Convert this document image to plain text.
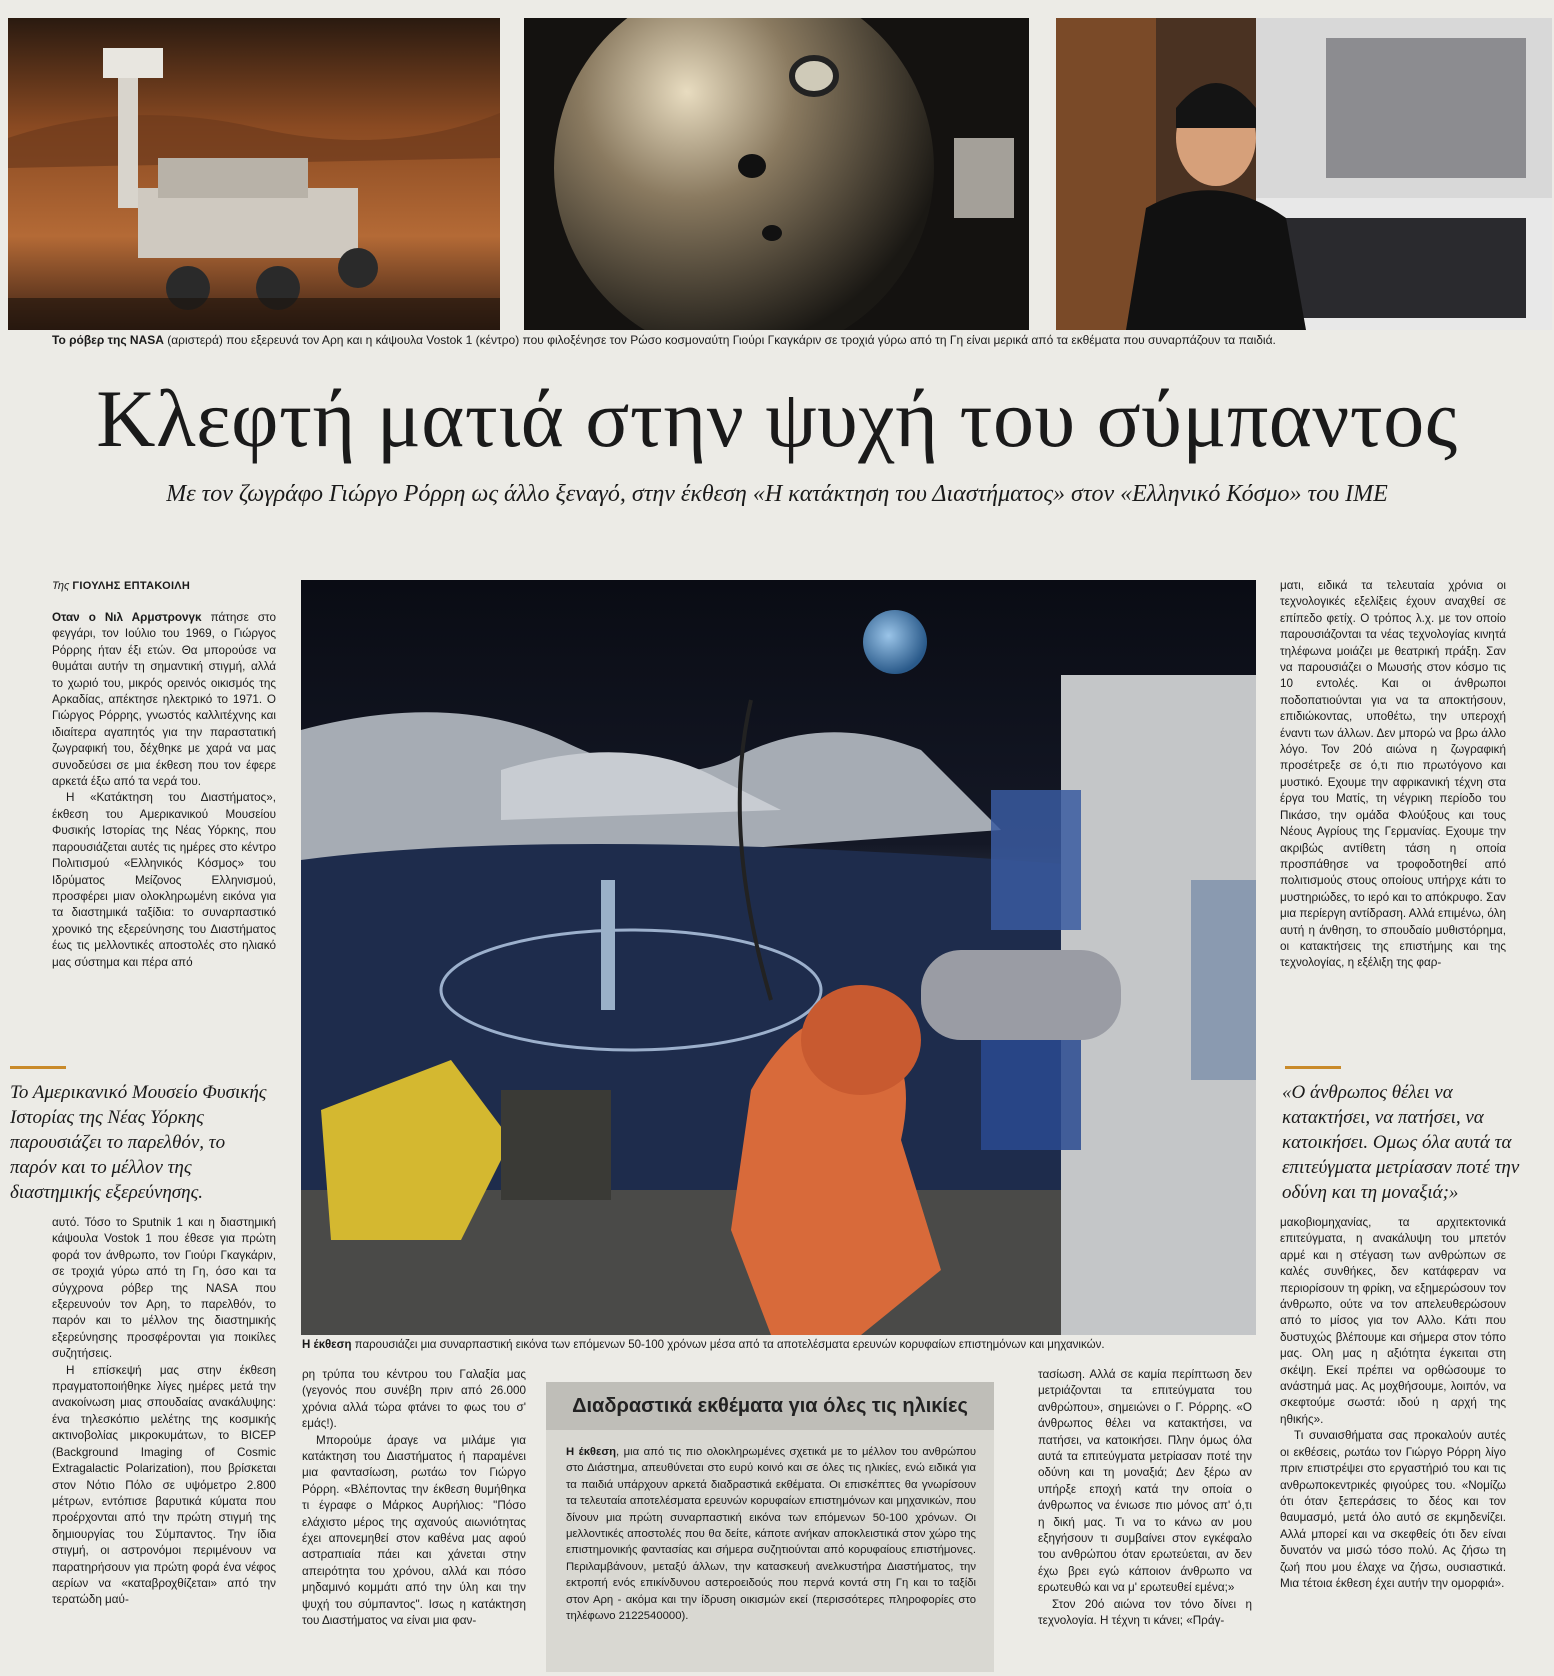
Το ρόβερ της NASA (αριστερά) που εξερευνά τον Αρη και η κάψουλα Vostok 1 (κέντρο) που φιλοξένησε τον Ρώσο κοσμοναύτη Γιούρι Γκαγκάριν σε τροχιά γύρω από τη Γη είναι μερικά από τα εκθέματα που συναρπάζουν τα παιδιά.
Κλεφτή ματιά στην ψυχή του σύμπαντος
Με τον ζωγράφο Γιώργο Ρόρρη ως άλλο ξεναγό, στην έκθεση «Η κατάκτηση του Διαστήματος» στον «Ελληνικό Κόσμο» του ΙΜΕ
Της ΓΙΟΥΛΗΣ ΕΠΤΑΚΟΙΛΗ

Οταν ο Νιλ Αρμστρονγκ πάτησε στο φεγγάρι, τον Ιούλιο του 1969, ο Γιώργος Ρόρρης ήταν έξι ετών. Θα μπορούσε να θυμάται αυτήν τη σημαντική στιγμή, αλλά το χωριό του, μικρός ορεινός οικισμός της Αρκαδίας, απέκτησε ηλεκτρικό το 1971. Ο Γιώργος Ρόρρης, γνωστός καλλιτέχνης και ιδιαίτερα αγαπητός για την παραστατική ζωγραφική του, δέχθηκε με χαρά να μας συνοδεύσει σε μια έκθεση που τον έφερε αρκετά έξω από τα νερά του.

Η «Κατάκτηση του Διαστήματος», έκθεση του Αμερικανικού Μουσείου Φυσικής Ιστορίας της Νέας Υόρκης, που παρουσιάζεται αυτές τις ημέρες στο κέντρο Πολιτισμού «Ελληνικός Κόσμος» του Ιδρύματος Μείζονος Ελληνισμού, προσφέρει μιαν ολοκληρωμένη εικόνα για τα διαστημικά ταξίδια: το συναρπαστικό χρονικό της εξερεύνησης του Διαστήματος έως τις μελλοντικές αποστολές στο ηλιακό μας σύστημα και πέρα από

Το Αμερικανικό Μουσείο Φυσικής Ιστορίας της Νέας Υόρκης παρουσιάζει το παρελθόν, το παρόν και το μέλλον της διαστημικής εξερεύνησης.

αυτό. Τόσο το Sputnik 1 και η διαστημική κάψουλα Vostok 1 που έθεσε για πρώτη φορά τον άνθρωπο, τον Γιούρι Γκαγκάριν, σε τροχιά γύρω από τη Γη, όσο και τα σύγχρονα ρόβερ της NASA που εξερευνούν τον Αρη, το παρελθόν, το παρόν και το μέλλον της διαστημικής εξερεύνησης προσφέρονται για ποικίλες συζητήσεις.

Η επίσκεψή μας στην έκθεση πραγματοποιήθηκε λίγες ημέρες μετά την ανακοίνωση μιας σπουδαίας ανακάλυψης: ένα τηλεσκόπιο μελέτης της κοσμικής ακτινοβολίας μικροκυμάτων, το BICEP (Background Imaging of Cosmic Extragalactic Polarization), που βρίσκεται στον Νότιο Πόλο σε υψόμετρο 2.800 μέτρων, εντόπισε βαρυτικά κύματα που προέρχονται από την πρώτη στιγμή της δημιουργίας του Σύμπαντος. Την ίδια στιγμή, οι αστρονόμοι περιμένουν να παρατηρήσουν για πρώτη φορά ένα νέφος αερίων να «καταβροχθίζεται» από την τερατώδη μαύ-

Η έκθεση παρουσιάζει μια συναρπαστική εικόνα των επόμενων 50-100 χρόνων μέσα από τα αποτελέσματα ερευνών κορυφαίων επιστημόνων και μηχανικών.

ρη τρύπα του κέντρου του Γαλαξία μας (γεγονός που συνέβη πριν από 26.000 χρόνια αλλά τώρα φτάνει το φως του σ' εμάς!).

Μπορούμε άραγε να μιλάμε για κατάκτηση του Διαστήματος ή παραμένει μια φαντασίωση, ρωτάω τον Γιώργο Ρόρρη. «Βλέποντας την έκθεση θυμήθηκα τι έγραφε ο Μάρκος Αυρήλιος: "Πόσο ελάχιστο μέρος της αχανούς αιωνιότητας έχει απονεμηθεί στον καθένα μας αφού αστραπιαία πάει και χάνεται στην απειρότητα του χρόνου, αλλά και πόσο μηδαμινό κομμάτι από την ύλη και την ψυχή του σύμπαντος". Ισως η κατάκτηση του Διαστήματος να είναι μια φαν-

Διαδραστικά εκθέματα για όλες τις ηλικίες
Η έκθεση, μια από τις πιο ολοκληρωμένες σχετικά με το μέλλον του ανθρώπου στο Διάστημα, απευθύνεται στο ευρύ κοινό και σε όλες τις ηλικίες, ενώ ειδικά για τα παιδιά υπάρχουν αρκετά διαδραστικά εκθέματα. Οι επισκέπτες θα γνωρίσουν τα τελευταία αποτελέσματα ερευνών κορυφαίων επιστημόνων και μηχανικών, που δίνουν μια πρώτη συναρπαστική εικόνα των επόμενων 50-100 χρόνων. Οι μελλοντικές αποστολές που θα δείτε, κάποτε ανήκαν αποκλειστικά στον χώρο της επιστημονικής φαντασίας και σήμερα συζητιούνται από κορυφαίους επιστήμονες. Περιλαμβάνουν, μεταξύ άλλων, την κατασκευή ανελκυστήρα Διαστήματος, την εκτροπή ενός επικίνδυνου αστεροειδούς που περνά κοντά στη Γη και το ταξίδι στον Αρη - ακόμα και την ίδρυση οικισμών εκεί (περισσότερες πληροφορίες στο τηλέφωνο 2122540000).

τασίωση. Αλλά σε καμία περίπτωση δεν μετριάζονται τα επιτεύγματα του ανθρώπου», σημειώνει ο Γ. Ρόρρης. «Ο άνθρωπος θέλει να κατακτήσει, να πατήσει, να κατοικήσει. Πλην όμως όλα αυτά τα επιτεύγματα μετρίασαν ποτέ την οδύνη και τη μοναξιά; Δεν ξέρω αν υπήρξε εποχή κατά την οποία ο άνθρωπος να ένιωσε πιο μόνος απ' ό,τι η δική μας. Τι να το κάνω αν μου εξηγήσουν τι συμβαίνει στον εγκέφαλο του ανθρώπου όταν ερωτεύεται, αν δεν έχω βρει εγώ κάποιον άνθρωπο να ερωτευθώ και να μ' ερωτευθεί εμένα;»

Στον 20ό αιώνα τον τόνο δίνει η τεχνολογία. Η τέχνη τι κάνει; «Πράγ-

ματι, ειδικά τα τελευταία χρόνια οι τεχνολογικές εξελίξεις έχουν αναχθεί σε επίπεδο φετίχ. Ο τρόπος λ.χ. με τον οποίο παρουσιάζονται τα νέας τεχνολογίας κινητά τηλέφωνα μοιάζει με θεατρική πράξη. Σαν να παρουσιάζει ο Μωυσής στον κόσμο τις 10 εντολές. Και οι άνθρωποι ποδοπατιούνται για να τα αποκτήσουν, επιδιώκοντας, υποθέτω, την υπεροχή έναντι των άλλων. Δεν μπορώ να βρω άλλο λόγο. Τον 20ό αιώνα η ζωγραφική προσέτρεξε σε ό,τι πιο πρωτόγονο και μυστικό. Εχουμε την αφρικανική τέχνη στα έργα του Ματίς, τη νέγρικη περίοδο του Πικάσο, την ομάδα Φλούξους και τους Νέους Αγρίους της Γερμανίας. Εχουμε την ακριβώς αντίθετη τάση η οποία προσπάθησε να τροφοδοτηθεί από πολιτισμούς στους οποίους υπήρχε κάτι το μυστηριώδες, το ιερό και το απόκρυφο. Σαν μια περίεργη αντίδραση. Αλλά επιμένω, όλη αυτή η άνθηση, το σπουδαίο μυθιστόρημα, οι κατακτήσεις της επιστήμης και της τεχνολογίας, η εξέλιξη της φαρ-

«Ο άνθρωπος θέλει να κατακτήσει, να πατήσει, να κατοικήσει. Ομως όλα αυτά τα επιτεύγματα μετρίασαν ποτέ την οδύνη και τη μοναξιά;»

μακοβιομηχανίας, τα αρχιτεκτονικά επιτεύγματα, η ανακάλυψη του μπετόν αρμέ και η στέγαση των ανθρώπων σε καλές συνθήκες, δεν κατάφεραν να περιορίσουν τη φρίκη, να εξημερώσουν τον άνθρωπο, ούτε να τον απελευθερώσουν από το μίσος για τον Αλλο. Κάτι που δυστυχώς βλέπουμε και σήμερα στον τόπο μας. Ολη μας η αξιότητα έγκειται στη σκέψη. Εκεί πρέπει να ορθώσουμε το ανάστημά μας. Ας μοχθήσουμε, λοιπόν, να σκεφτούμε σωστά: ιδού η αρχή της ηθικής».

Τι συναισθήματα σας προκαλούν αυτές οι εκθέσεις, ρωτάω τον Γιώργο Ρόρρη λίγο πριν επιστρέψει στο εργαστήριό του και τις ανθρωποκεντρικές φιγούρες του. «Νομίζω ότι όταν ξεπεράσεις το δέος και τον θαυμασμό, μετά όλο αυτό σε εκμηδενίζει. Αλλά μπορεί και να σκεφθείς ότι δεν είναι δυνατόν να μισώ τόσο πολύ. Ας ζήσω τη ζωή που μου έλαχε να ζήσω, ουσιαστικά. Μια τέτοια έκθεση έχει αυτήν την ομορφιά».
